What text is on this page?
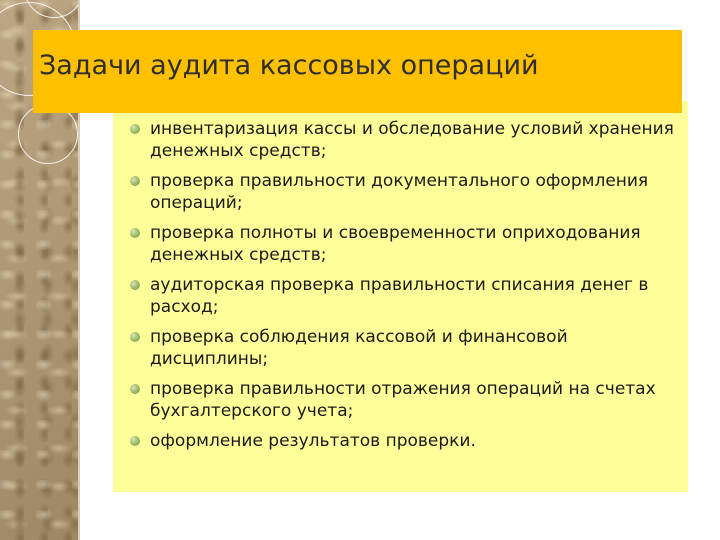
Задачи аудита кассовых операций
инвентаризация кассы и обследование условий хранения денежных средств;
проверка правильности документального оформления операций;
проверка полноты и своевременности оприходования денежных средств;
аудиторская проверка правильности списания денег в расход;
проверка соблюдения кассовой и финансовой дисциплины;
проверка правильности отражения операций на счетах бухгалтерского учета;
оформление результатов проверки.
